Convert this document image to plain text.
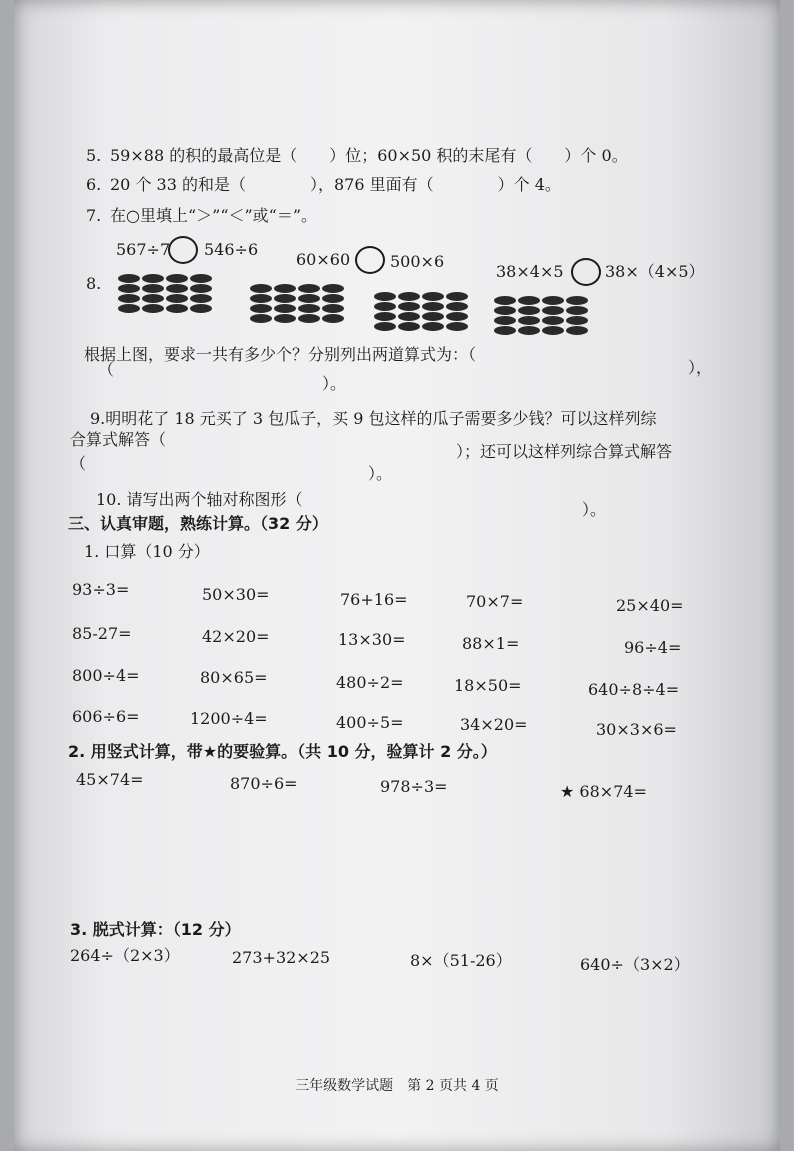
5. 59×88 的积的最高位是（　　）位；60×50 积的末尾有（　　）个 0。
6. 20 个 33 的和是（　　　　），876 里面有（　　　　）个 4。
7. 在○里填上“＞”“＜”或“＝”。
567÷7 546÷6
60×60 500×6
38×4×5	38×（4×5）
8.
根据上图，要求一共有多少个？分别列出两道算式为：（
），
（
）。
9.明明花了 18 元买了 3 包瓜子，买 9 包这样的瓜子需要多少钱？可以这样列综
合算式解答（
）；还可以这样列综合算式解答
（
）。
10. 请写出两个轴对称图形（
）。
三、认真审题，熟练计算。（32 分）
1. 口算（10 分）
93÷3=	50×30=	76+16=	70×7=	25×40=
85-27=	42×20=	13×30=	88×1=	96÷4=
800÷4=	80×65=	480÷2=	18×50=	640÷8÷4=
606÷6=	1200÷4=	400÷5=	34×20=	30×3×6=
2. 用竖式计算，带★的要验算。（共 10 分，验算计 2 分。）
45×74=	870÷6=	978÷3=	★ 68×74=
3. 脱式计算：（12 分）
264÷（2×3）	273+32×25	8×（51-26）	640÷（3×2）
三年级数学试题　第 2 页共 4 页
